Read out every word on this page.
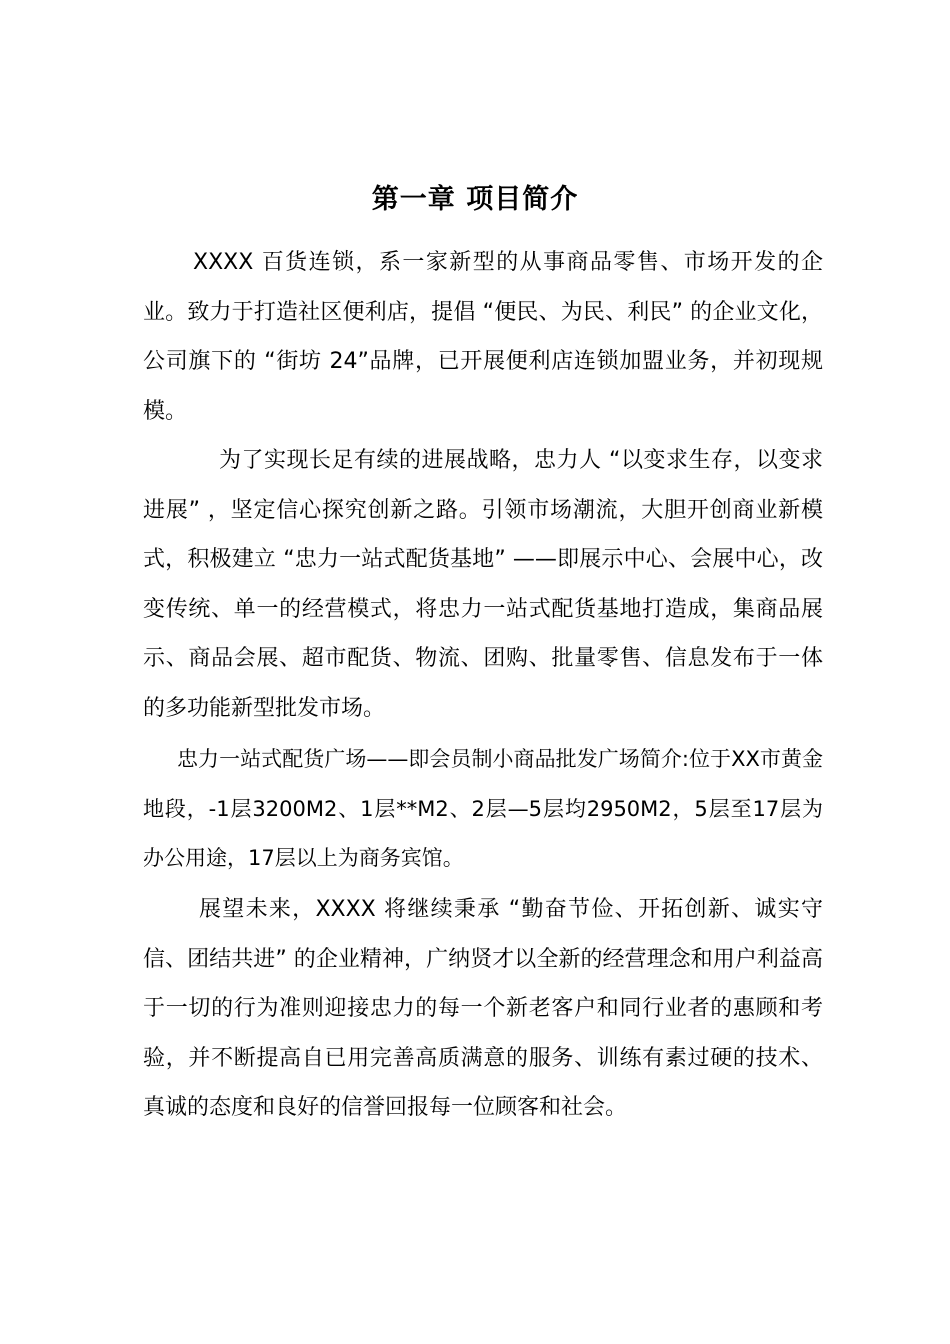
第一章 项目简介

XXXX 百货连锁，系一家新型的从事商品零售、市场开发的企业。致力于打造社区便利店，提倡 “便民、为民、利民” 的企业文化，公司旗下的 “街坊 24”品牌，已开展便利店连锁加盟业务，并初现规模。

为了实现长足有续的进展战略，忠力人 “以变求生存，以变求进展” ，坚定信心探究创新之路。引领市场潮流，大胆开创商业新模式，积极建立 “忠力一站式配货基地” ——即展示中心、会展中心，改变传统、单一的经营模式，将忠力一站式配货基地打造成，集商品展示、商品会展、超市配货、物流、团购、批量零售、信息发布于一体的多功能新型批发市场。

忠力一站式配货广场——即会员制小商品批发广场简介:位于XX市黄金地段，-1层3200M2、1层**M2、2层—5层均2950M2，5层至17层为办公用途，17层以上为商务宾馆。

展望未来，XXXX 将继续秉承 “勤奋节俭、开拓创新、诚实守信、团结共进” 的企业精神，广纳贤才以全新的经营理念和用户利益高于一切的行为准则迎接忠力的每一个新老客户和同行业者的惠顾和考验，并不断提高自已用完善高质满意的服务、训练有素过硬的技术、真诚的态度和良好的信誉回报每一位顾客和社会。
